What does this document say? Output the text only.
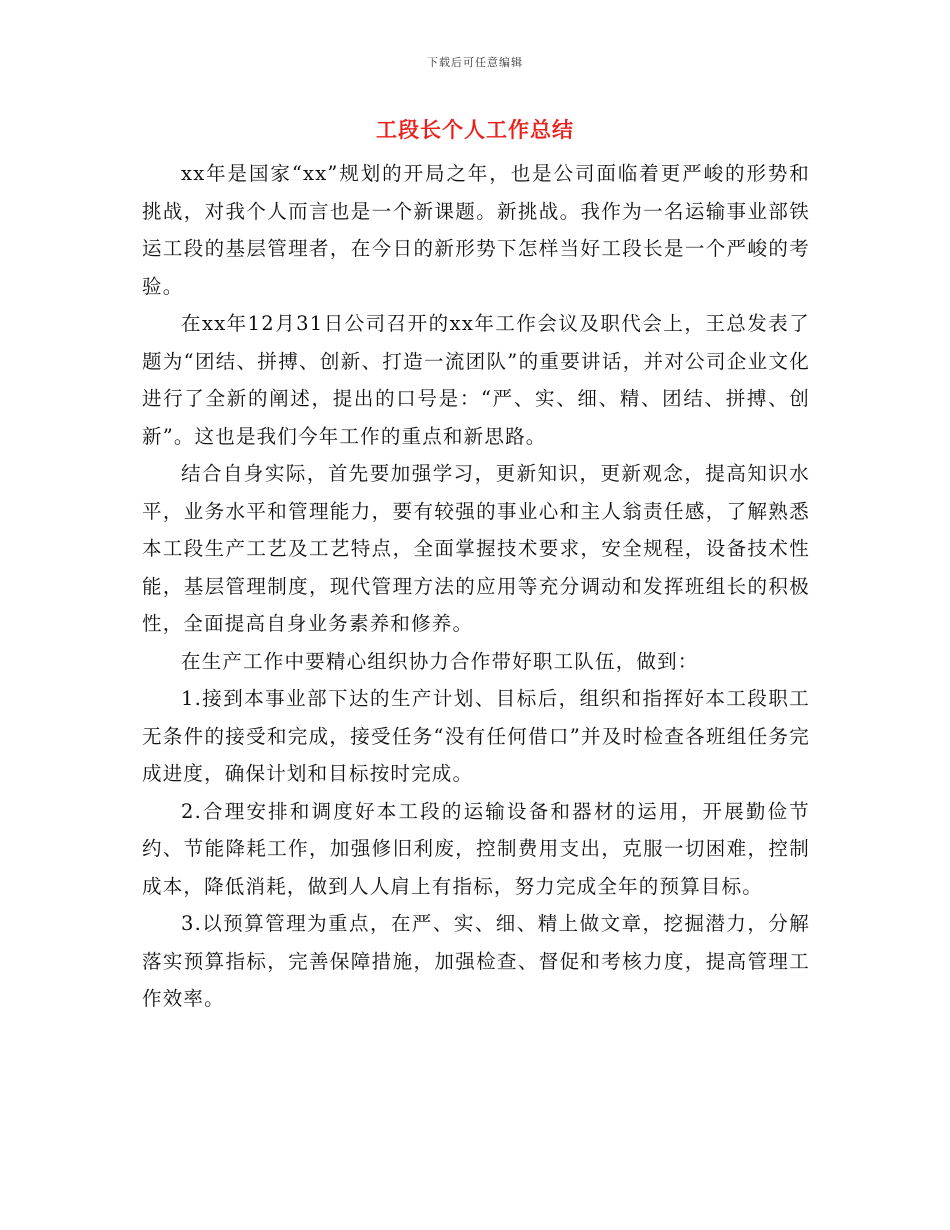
下载后可任意编辑
工段长个人工作总结

xx年是国家“xx”规划的开局之年，也是公司面临着更严峻的形势和挑战，对我个人而言也是一个新课题。新挑战。我作为一名运输事业部铁运工段的基层管理者，在今日的新形势下怎样当好工段长是一个严峻的考验。

在xx年12月31日公司召开的xx年工作会议及职代会上，王总发表了题为“团结、拼搏、创新、打造一流团队”的重要讲话，并对公司企业文化进行了全新的阐述，提出的口号是：“严、实、细、精、团结、拼搏、创新”。这也是我们今年工作的重点和新思路。

结合自身实际，首先要加强学习，更新知识，更新观念，提高知识水平，业务水平和管理能力，要有较强的事业心和主人翁责任感，了解熟悉本工段生产工艺及工艺特点，全面掌握技术要求，安全规程，设备技术性能，基层管理制度，现代管理方法的应用等充分调动和发挥班组长的积极性，全面提高自身业务素养和修养。

在生产工作中要精心组织协力合作带好职工队伍，做到：

1.接到本事业部下达的生产计划、目标后，组织和指挥好本工段职工无条件的接受和完成，接受任务“没有任何借口”并及时检查各班组任务完成进度，确保计划和目标按时完成。

2.合理安排和调度好本工段的运输设备和器材的运用，开展勤俭节约、节能降耗工作，加强修旧利废，控制费用支出，克服一切困难，控制成本，降低消耗，做到人人肩上有指标，努力完成全年的预算目标。

3.以预算管理为重点，在严、实、细、精上做文章，挖掘潜力，分解落实预算指标，完善保障措施，加强检查、督促和考核力度，提高管理工作效率。
